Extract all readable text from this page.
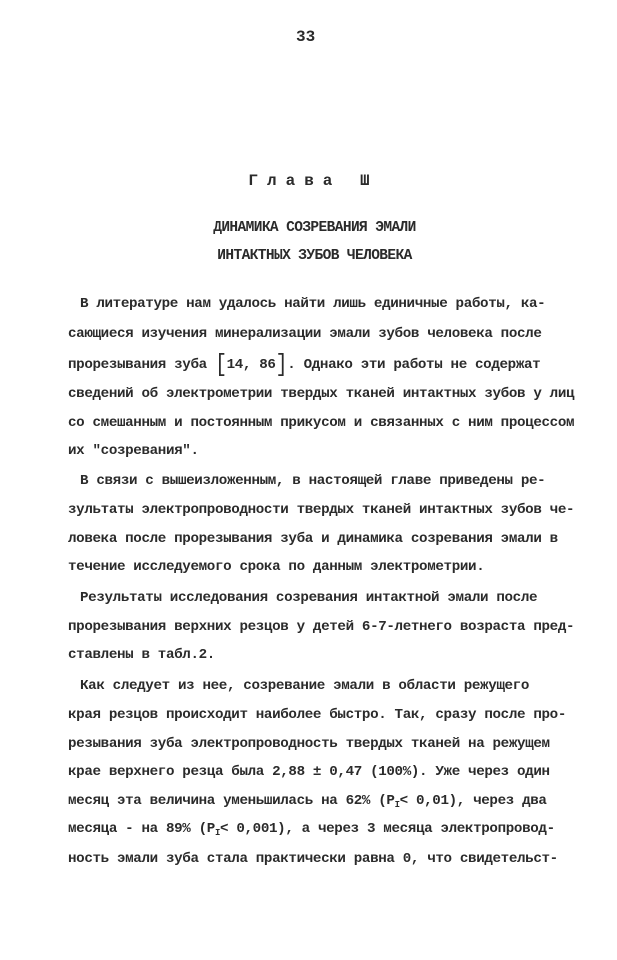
33
Глава Ш
ДИНАМИКА СОЗРЕВАНИЯ ЭМАЛИ
ИНТАКТНЫХ ЗУБОВ ЧЕЛОВЕКА
В литературе нам удалось найти лишь единичные работы, ка-
сающиеся изучения минерализации эмали зубов человека после
прорезывания зуба [14, 86]. Однако эти работы не содержат
сведений об электрометрии твердых тканей интактных зубов у лиц
со смешанным и постоянным прикусом и связанных с ним процессом
их "созревания".
В связи с вышеизложенным, в настоящей главе приведены ре-
зультаты электропроводности твердых тканей интактных зубов че-
ловека после прорезывания зуба и динамика созревания эмали в
течение исследуемого срока по данным электрометрии.
Результаты исследования созревания интактной эмали после
прорезывания верхних резцов у детей 6-7-летнего возраста пред-
ставлены в табл.2.
Как следует из нее, созревание эмали в области режущего
края резцов происходит наиболее быстро. Так, сразу после про-
резывания зуба электропроводность твердых тканей на режущем
крае верхнего резца была 2,88 ± 0,47 (100%). Уже через один
месяц эта величина уменьшилась на 62% $(P_I< 0,01)$, через два
месяца - на 89% $(P_I< 0,001)$, а через 3 месяца электропровод-
ность эмали зуба стала практически равна 0, что свидетельст-
